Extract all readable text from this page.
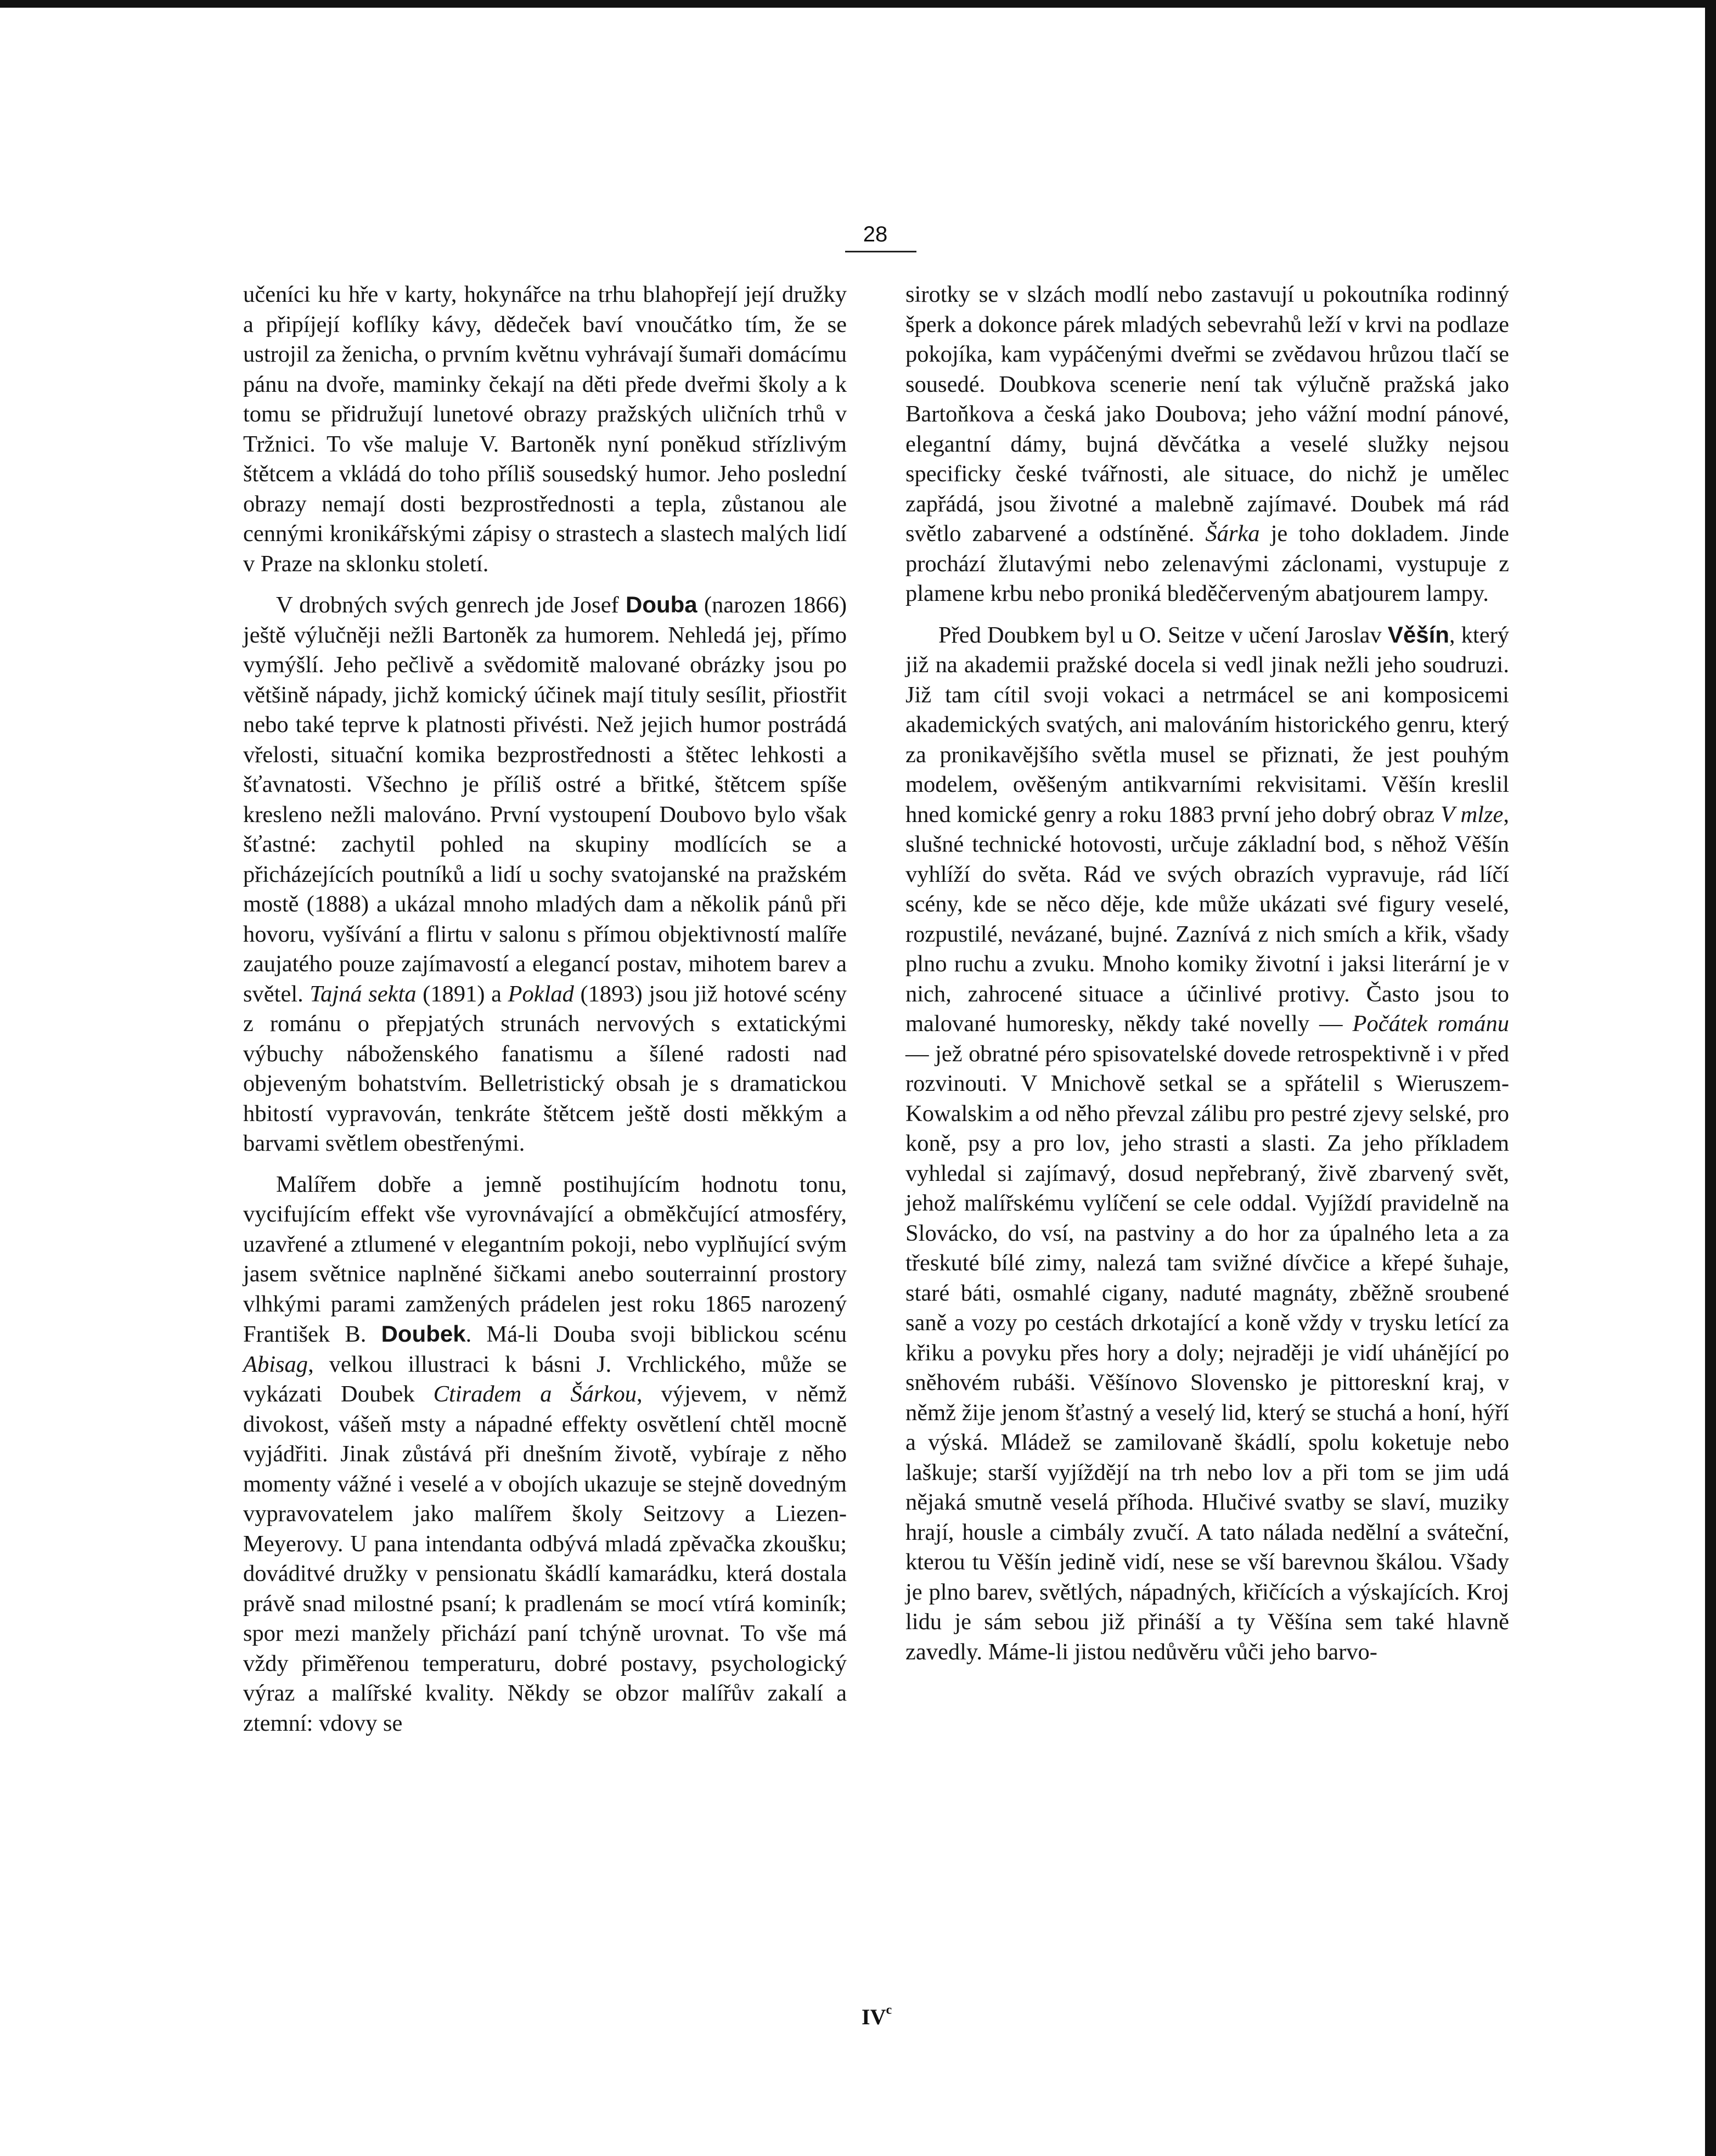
28

učeníci ku hře v karty, hokynářce na trhu blahopřejí její družky a připíjejí koflíky kávy, dědeček baví vnoučátko tím, že se ustrojil za ženicha, o prvním květnu vyhrávají šumaři domácímu pánu na dvoře, maminky čekají na děti přede dveřmi školy a k tomu se přidružují lunetové obrazy pražských uličních trhů v Tržnici. To vše maluje V. Bartoněk nyní poněkud střízlivým štětcem a vkládá do toho příliš sousedský humor. Jeho poslední obrazy nemají dosti bezprostřednosti a tepla, zůstanou ale cennými kronikářskými zápisy o strastech a slastech malých lidí v Praze na sklonku století.

V drobných svých genrech jde Josef Douba (narozen 1866) ještě výlučněji nežli Bartoněk za humorem. Nehledá jej, přímo vymýšlí. Jeho pečlivě a svědomitě malované obrázky jsou po většině nápady, jichž komický účinek mají tituly sesílit, přiostřit nebo také teprve k platnosti přivésti. Než jejich humor postrádá vřelosti, situační komika bezprostřednosti a štětec lehkosti a šťavnatosti. Všechno je příliš ostré a břitké, štětcem spíše kresleno nežli malováno. První vystoupení Doubovo bylo však šťastné: zachytil pohled na skupiny modlících se a přicházejících poutníků a lidí u sochy svatojanské na pražském mostě (1888) a ukázal mnoho mladých dam a několik pánů při hovoru, vyšívání a flirtu v salonu s přímou objektivností malíře zaujatého pouze zajímavostí a elegancí postav, mihotem barev a světel. Tajná sekta (1891) a Poklad (1893) jsou již hotové scény z románu o přepjatých strunách nervových s extatickými výbuchy náboženského fanatismu a šílené radosti nad objeveným bohatstvím. Belletristický obsah je s dramatickou hbitostí vypravován, tenkráte štětcem ještě dosti měkkým a barvami světlem obestřenými.

Malířem dobře a jemně postihujícím hodnotu tonu, vycifujícím effekt vše vyrovnávající a obměkčující atmosféry, uzavřené a ztlumené v elegantním pokoji, nebo vyplňující svým jasem světnice naplněné šičkami anebo souterrainní prostory vlhkými parami zamžených prádelen jest roku 1865 narozený František B. Doubek. Má-li Douba svoji biblickou scénu Abisag, velkou illustraci k básni J. Vrchlického, může se vykázati Doubek Ctiradem a Šárkou, výjevem, v němž divokost, vášeň msty a nápadné effekty osvětlení chtěl mocně vyjádřiti. Jinak zůstává při dnešním životě, vybíraje z něho momenty vážné i veselé a v obojích ukazuje se stejně dovedným vypravovatelem jako malířem školy Seitzovy a Liezen-Meyerovy. U pana intendanta odbývá mladá zpěvačka zkoušku; dováditvé družky v pensionatu škádlí kamarádku, která dostala právě snad milostné psaní; k pradlenám se mocí vtírá kominík; spor mezi manžely přichází paní tchýně urovnat. To vše má vždy přiměřenou temperaturu, dobré postavy, psychologický výraz a malířské kvality. Někdy se obzor malířův zakalí a ztemní: vdovy se

sirotky se v slzách modlí nebo zastavují u pokoutníka rodinný šperk a dokonce párek mladých sebevrahů leží v krvi na podlaze pokojíka, kam vypáčenými dveřmi se zvědavou hrůzou tlačí se sousedé. Doubkova scenerie není tak výlučně pražská jako Bartoňkova a česká jako Doubova; jeho vážní modní pánové, elegantní dámy, bujná děvčátka a veselé služky nejsou specificky české tvářnosti, ale situace, do nichž je umělec zapřádá, jsou životné a malebně zajímavé. Doubek má rád světlo zabarvené a odstíněné. Šárka je toho dokladem. Jinde prochází žlutavými nebo zelenavými záclonami, vystupuje z plamene krbu nebo proniká bleděčerveným abatjourem lampy.

Před Doubkem byl u O. Seitze v učení Jaroslav Věšín, který již na akademii pražské docela si vedl jinak nežli jeho soudruzi. Již tam cítil svoji vokaci a netrmácel se ani komposicemi akademických svatých, ani malováním historického genru, který za pronikavějšího světla musel se přiznati, že jest pouhým modelem, ověšeným antikvarními rekvisitami. Věšín kreslil hned komické genry a roku 1883 první jeho dobrý obraz V mlze, slušné technické hotovosti, určuje základní bod, s něhož Věšín vyhlíží do světa. Rád ve svých obrazích vypravuje, rád líčí scény, kde se něco děje, kde může ukázati své figury veselé, rozpustilé, nevázané, bujné. Zaznívá z nich smích a křik, všady plno ruchu a zvuku. Mnoho komiky životní i jaksi literární je v nich, zahrocené situace a účinlivé protivy. Často jsou to malované humoresky, někdy také novelly — Počátek románu — jež obratné péro spisovatelské dovede retrospektivně i v před rozvinouti. V Mnichově setkal se a spřátelil s Wieruszem-Kowalskim a od něho převzal zálibu pro pestré zjevy selské, pro koně, psy a pro lov, jeho strasti a slasti. Za jeho příkladem vyhledal si zajímavý, dosud nepřebraný, živě zbarvený svět, jehož malířskému vylíčení se cele oddal. Vyjíždí pravidelně na Slovácko, do vsí, na pastviny a do hor za úpalného leta a za třeskuté bílé zimy, nalezá tam svižné dívčice a křepé šuhaje, staré báti, osmahlé cigany, naduté magnáty, zběžně sroubené saně a vozy po cestách drkotající a koně vždy v trysku letící za křiku a povyku přes hory a doly; nejraději je vidí uhánějící po sněhovém rubáši. Věšínovo Slovensko je pittoreskní kraj, v němž žije jenom šťastný a veselý lid, který se stuchá a honí, hýří a výská. Mládež se zamilovaně škádlí, spolu koketuje nebo laškuje; starší vyjíždějí na trh nebo lov a při tom se jim udá nějaká smutně veselá příhoda. Hlučivé svatby se slaví, muziky hrají, housle a cimbály zvučí. A tato nálada nedělní a sváteční, kterou tu Věšín jedině vidí, nese se vší barevnou škálou. Všady je plno barev, světlých, nápadných, křičících a výskajících. Kroj lidu je sám sebou již přináší a ty Věšína sem také hlavně zavedly. Máme-li jistou nedůvěru vůči jeho barvo-

$IV^c$
